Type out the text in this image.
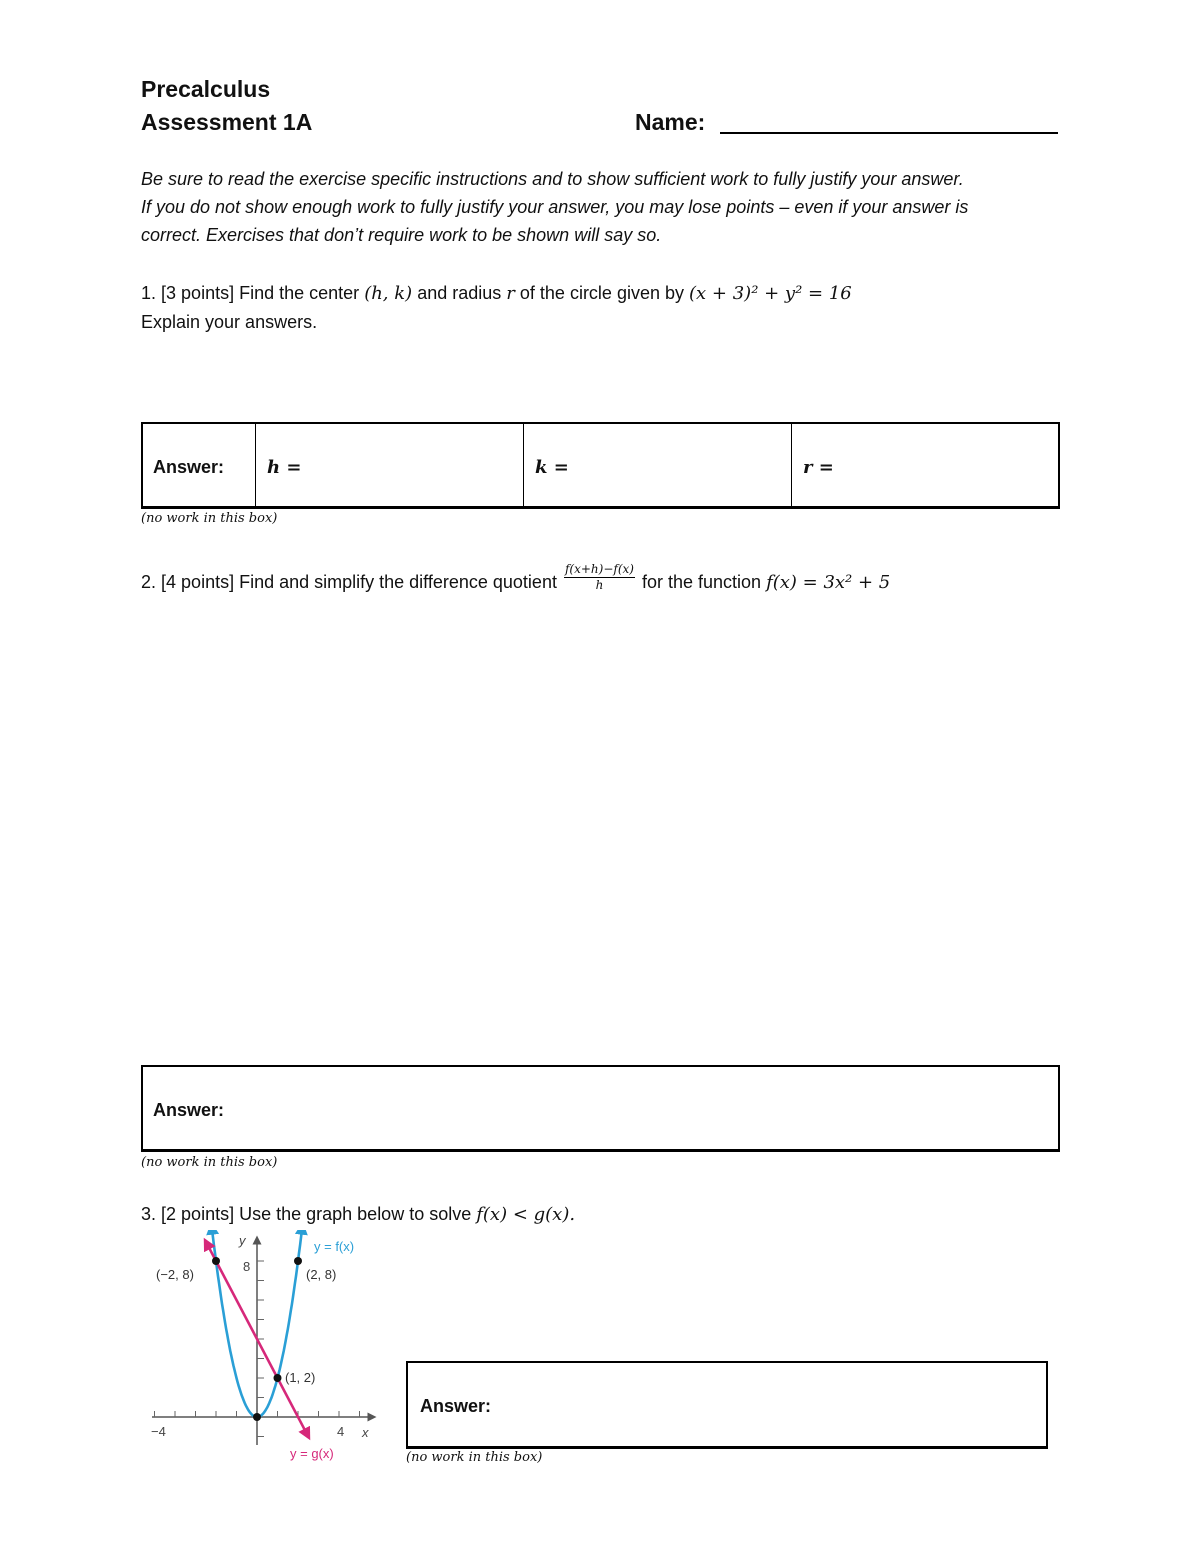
Precalculus
Assessment 1A	Name:
Be sure to read the exercise specific instructions and to show sufficient work to fully justify your answer.
If you do not show enough work to fully justify your answer, you may lose points – even if your answer is
correct. Exercises that don’t require work to be shown will say so.
1. [3 points] Find the center (h, k) and radius r of the circle given by (x + 3)² + y² = 16
Explain your answers.
Answer: h =	k =	r =
(no work in this box)
2. [4 points] Find and simplify the difference quotient $\frac{f(x+h)-f(x)}{h}$ for the function f(x) = 3x² + 5
Answer:
(no work in this box)
3. [2 points] Use the graph below to solve f(x) < g(x).
y
x
8
−4	4
(−2, 8)	(2, 8)
(1, 2)
y = f(x)
y = g(x)
Answer:
(no work in this box)
